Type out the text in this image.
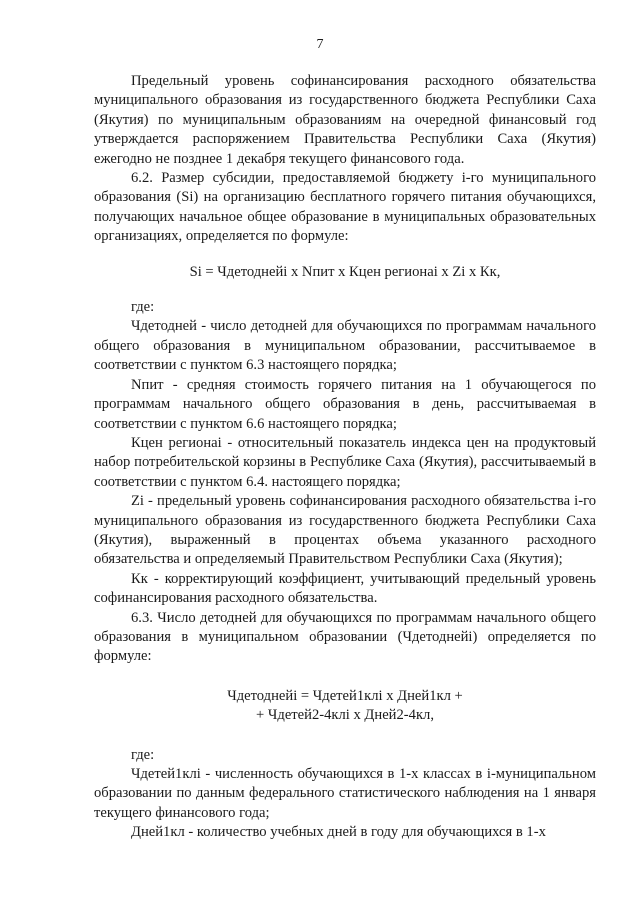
7

Предельный уровень софинансирования расходного обязательства муниципального образования из государственного бюджета Республики Саха (Якутия) по муниципальным образованиям на очередной финансовый год утверждается распоряжением Правительства Республики Саха (Якутия) ежегодно не позднее 1 декабря текущего финансового года.

6.2. Размер субсидии, предоставляемой бюджету i-го муниципального образования (Si) на организацию бесплатного горячего питания обучающихся, получающих начальное общее образование в муниципальных образовательных организациях, определяется по формуле:

Si = Чдетоднейi x Nпит x Кцен регионаi x Zi x Кк,

где:

Чдетодней - число детодней для обучающихся по программам начального общего образования в муниципальном образовании, рассчитываемое в соответствии с пунктом 6.3 настоящего порядка;

Nпит - средняя стоимость горячего питания на 1 обучающегося по программам начального общего образования в день, рассчитываемая в соответствии с пунктом 6.6 настоящего порядка;

Кцен регионаi - относительный показатель индекса цен на продуктовый набор потребительской корзины в Республике Саха (Якутия), рассчитываемый в соответствии с пунктом 6.4. настоящего порядка;

Zi - предельный уровень софинансирования расходного обязательства i-го муниципального образования из государственного бюджета Республики Саха (Якутия), выраженный в процентах объема указанного расходного обязательства и определяемый Правительством Республики Саха (Якутия);

Кк - корректирующий коэффициент, учитывающий предельный уровень софинансирования расходного обязательства.

6.3. Число детодней для обучающихся по программам начального общего образования в муниципальном образовании (Чдетоднейi) определяется по формуле:

Чдетоднейi = Чдетей1клi x Дней1кл +

+ Чдетей2-4клi x Дней2-4кл,

где:

Чдетей1клi - численность обучающихся в 1-х классах в i-муниципальном образовании по данным федерального статистического наблюдения на 1 января текущего финансового года;

Дней1кл - количество учебных дней в году для обучающихся в 1-х
